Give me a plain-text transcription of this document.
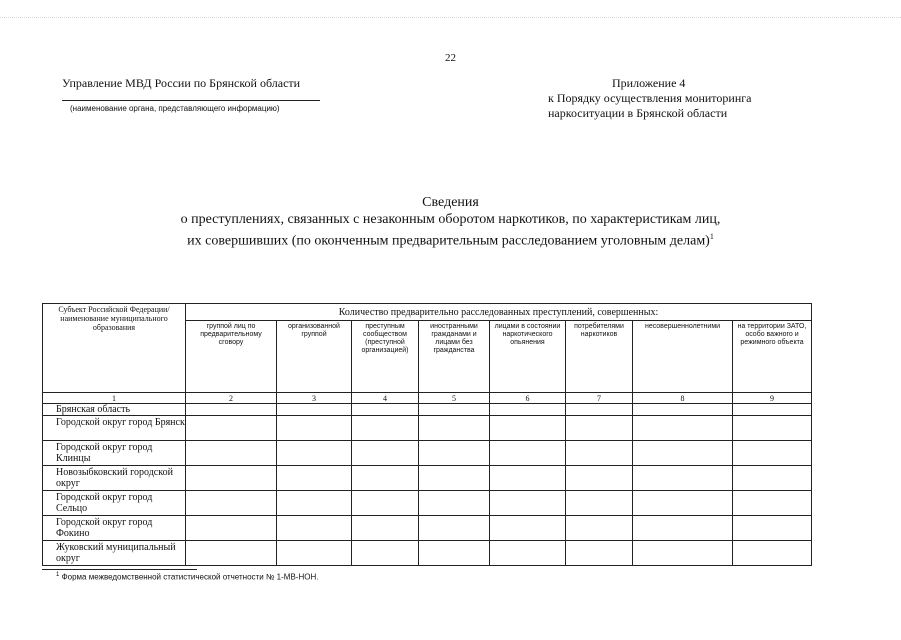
22
Управление МВД России по Брянской области
(наименование органа, представляющего информацию)
Приложение 4
к Порядку осуществления мониторинга
наркоситуации в Брянской области
Сведения
о преступлениях, связанных с незаконным оборотом наркотиков, по характеристикам лиц,
их совершивших (по оконченным предварительным расследованием уголовным делам)$^1$
Субъект Российской Федерации/ наименование муниципального образования	Количество предварительно расследованных преступлений, совершенных:							
	группой лиц по предварительному сговору	организованной группой	преступным сообществом (преступной организацией)	иностранными гражданами и лицами без гражданства	лицами в состоянии наркотического опьянения	потребителями наркотиков	несовершеннолетними	на территории ЗАТО, особо важного и режимного объекта
1	2	3	4	5	6	7	8	9
Брянская область								
Городской округ город Брянск								
Городской округ город Клинцы								
Новозыбковский городской округ								
Городской округ город Сельцо								
Городской округ город Фокино								
Жуковский муниципальный округ								
$^1$ Форма межведомственной статистической отчетности № 1-МВ-НОН.
